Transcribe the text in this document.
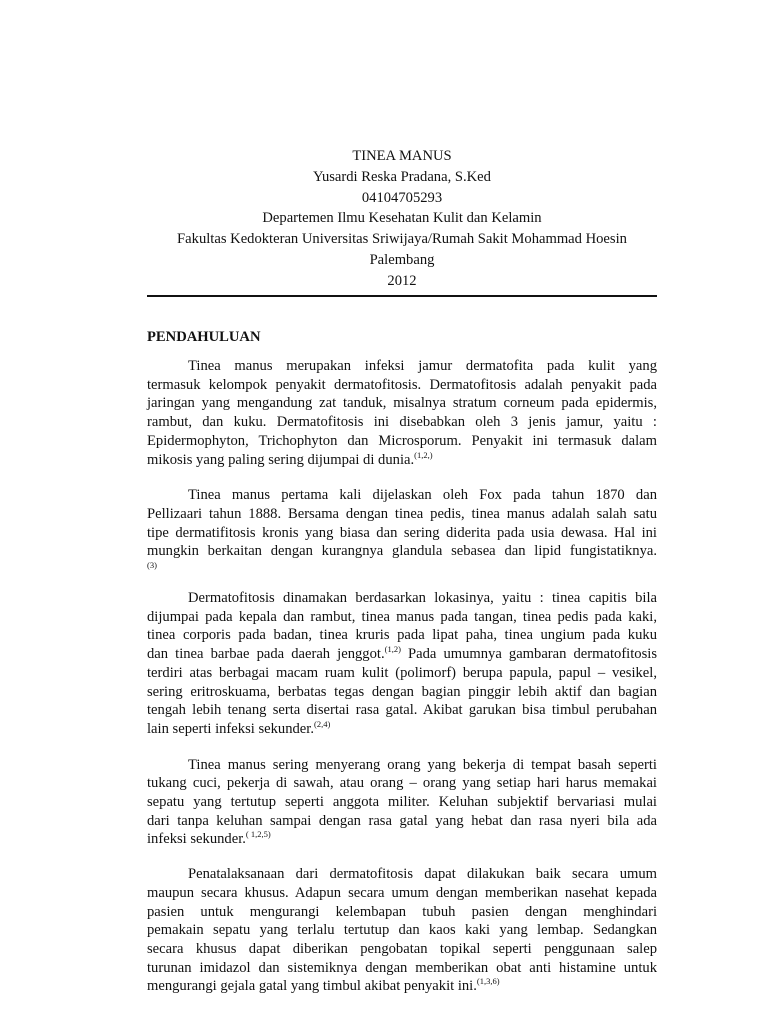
TINEA MANUS
Yusardi Reska Pradana, S.Ked
04104705293
Departemen Ilmu Kesehatan Kulit dan Kelamin
Fakultas Kedokteran Universitas Sriwijaya/Rumah Sakit Mohammad Hoesin
Palembang
2012
PENDAHULUAN
Tinea manus merupakan infeksi jamur dermatofita pada kulit yang
termasuk kelompok penyakit dermatofitosis. Dermatofitosis adalah penyakit pada
jaringan yang mengandung zat tanduk, misalnya stratum corneum pada epidermis,
rambut, dan kuku. Dermatofitosis ini disebabkan oleh 3 jenis jamur, yaitu :
Epidermophyton, Trichophyton dan Microsporum. Penyakit ini termasuk dalam
mikosis yang paling sering dijumpai di dunia.$^{(1,2,)}$
Tinea manus pertama kali dijelaskan oleh Fox pada tahun 1870 dan
Pellizaari tahun 1888. Bersama dengan tinea pedis, tinea manus adalah salah satu
tipe dermatifitosis kronis yang biasa dan sering diderita pada usia dewasa. Hal ini
mungkin berkaitan dengan kurangnya glandula sebasea dan lipid fungistatiknya.
(3)
Dermatofitosis dinamakan berdasarkan lokasinya, yaitu : tinea capitis bila
dijumpai pada kepala dan rambut, tinea manus pada tangan, tinea pedis pada kaki,
tinea corporis pada badan, tinea kruris pada lipat paha, tinea ungium pada kuku
dan tinea barbae pada daerah jenggot.$^{(1,2)}$ Pada umumnya gambaran dermatofitosis
terdiri atas berbagai macam ruam kulit (polimorf) berupa papula, papul – vesikel,
sering eritroskuama, berbatas tegas dengan bagian pinggir lebih aktif dan bagian
tengah lebih tenang serta disertai rasa gatal. Akibat garukan bisa timbul perubahan
lain seperti infeksi sekunder.$^{(2,4)}$
Tinea manus sering menyerang orang yang bekerja di tempat basah seperti
tukang cuci, pekerja di sawah, atau orang – orang yang setiap hari harus memakai
sepatu yang tertutup seperti anggota militer. Keluhan subjektif bervariasi mulai
dari tanpa keluhan sampai dengan rasa gatal yang hebat dan rasa nyeri bila ada
infeksi sekunder.$^{( 1,2,5)}$
Penatalaksanaan dari dermatofitosis dapat dilakukan baik secara umum
maupun secara khusus. Adapun secara umum dengan memberikan nasehat kepada
pasien untuk mengurangi kelembapan tubuh pasien dengan menghindari
pemakain sepatu yang terlalu tertutup dan kaos kaki yang lembap. Sedangkan
secara khusus dapat diberikan pengobatan topikal seperti penggunaan salep
turunan imidazol dan sistemiknya dengan memberikan obat anti histamine untuk
mengurangi gejala gatal yang timbul akibat penyakit ini.$^{(1,3,6)}$
